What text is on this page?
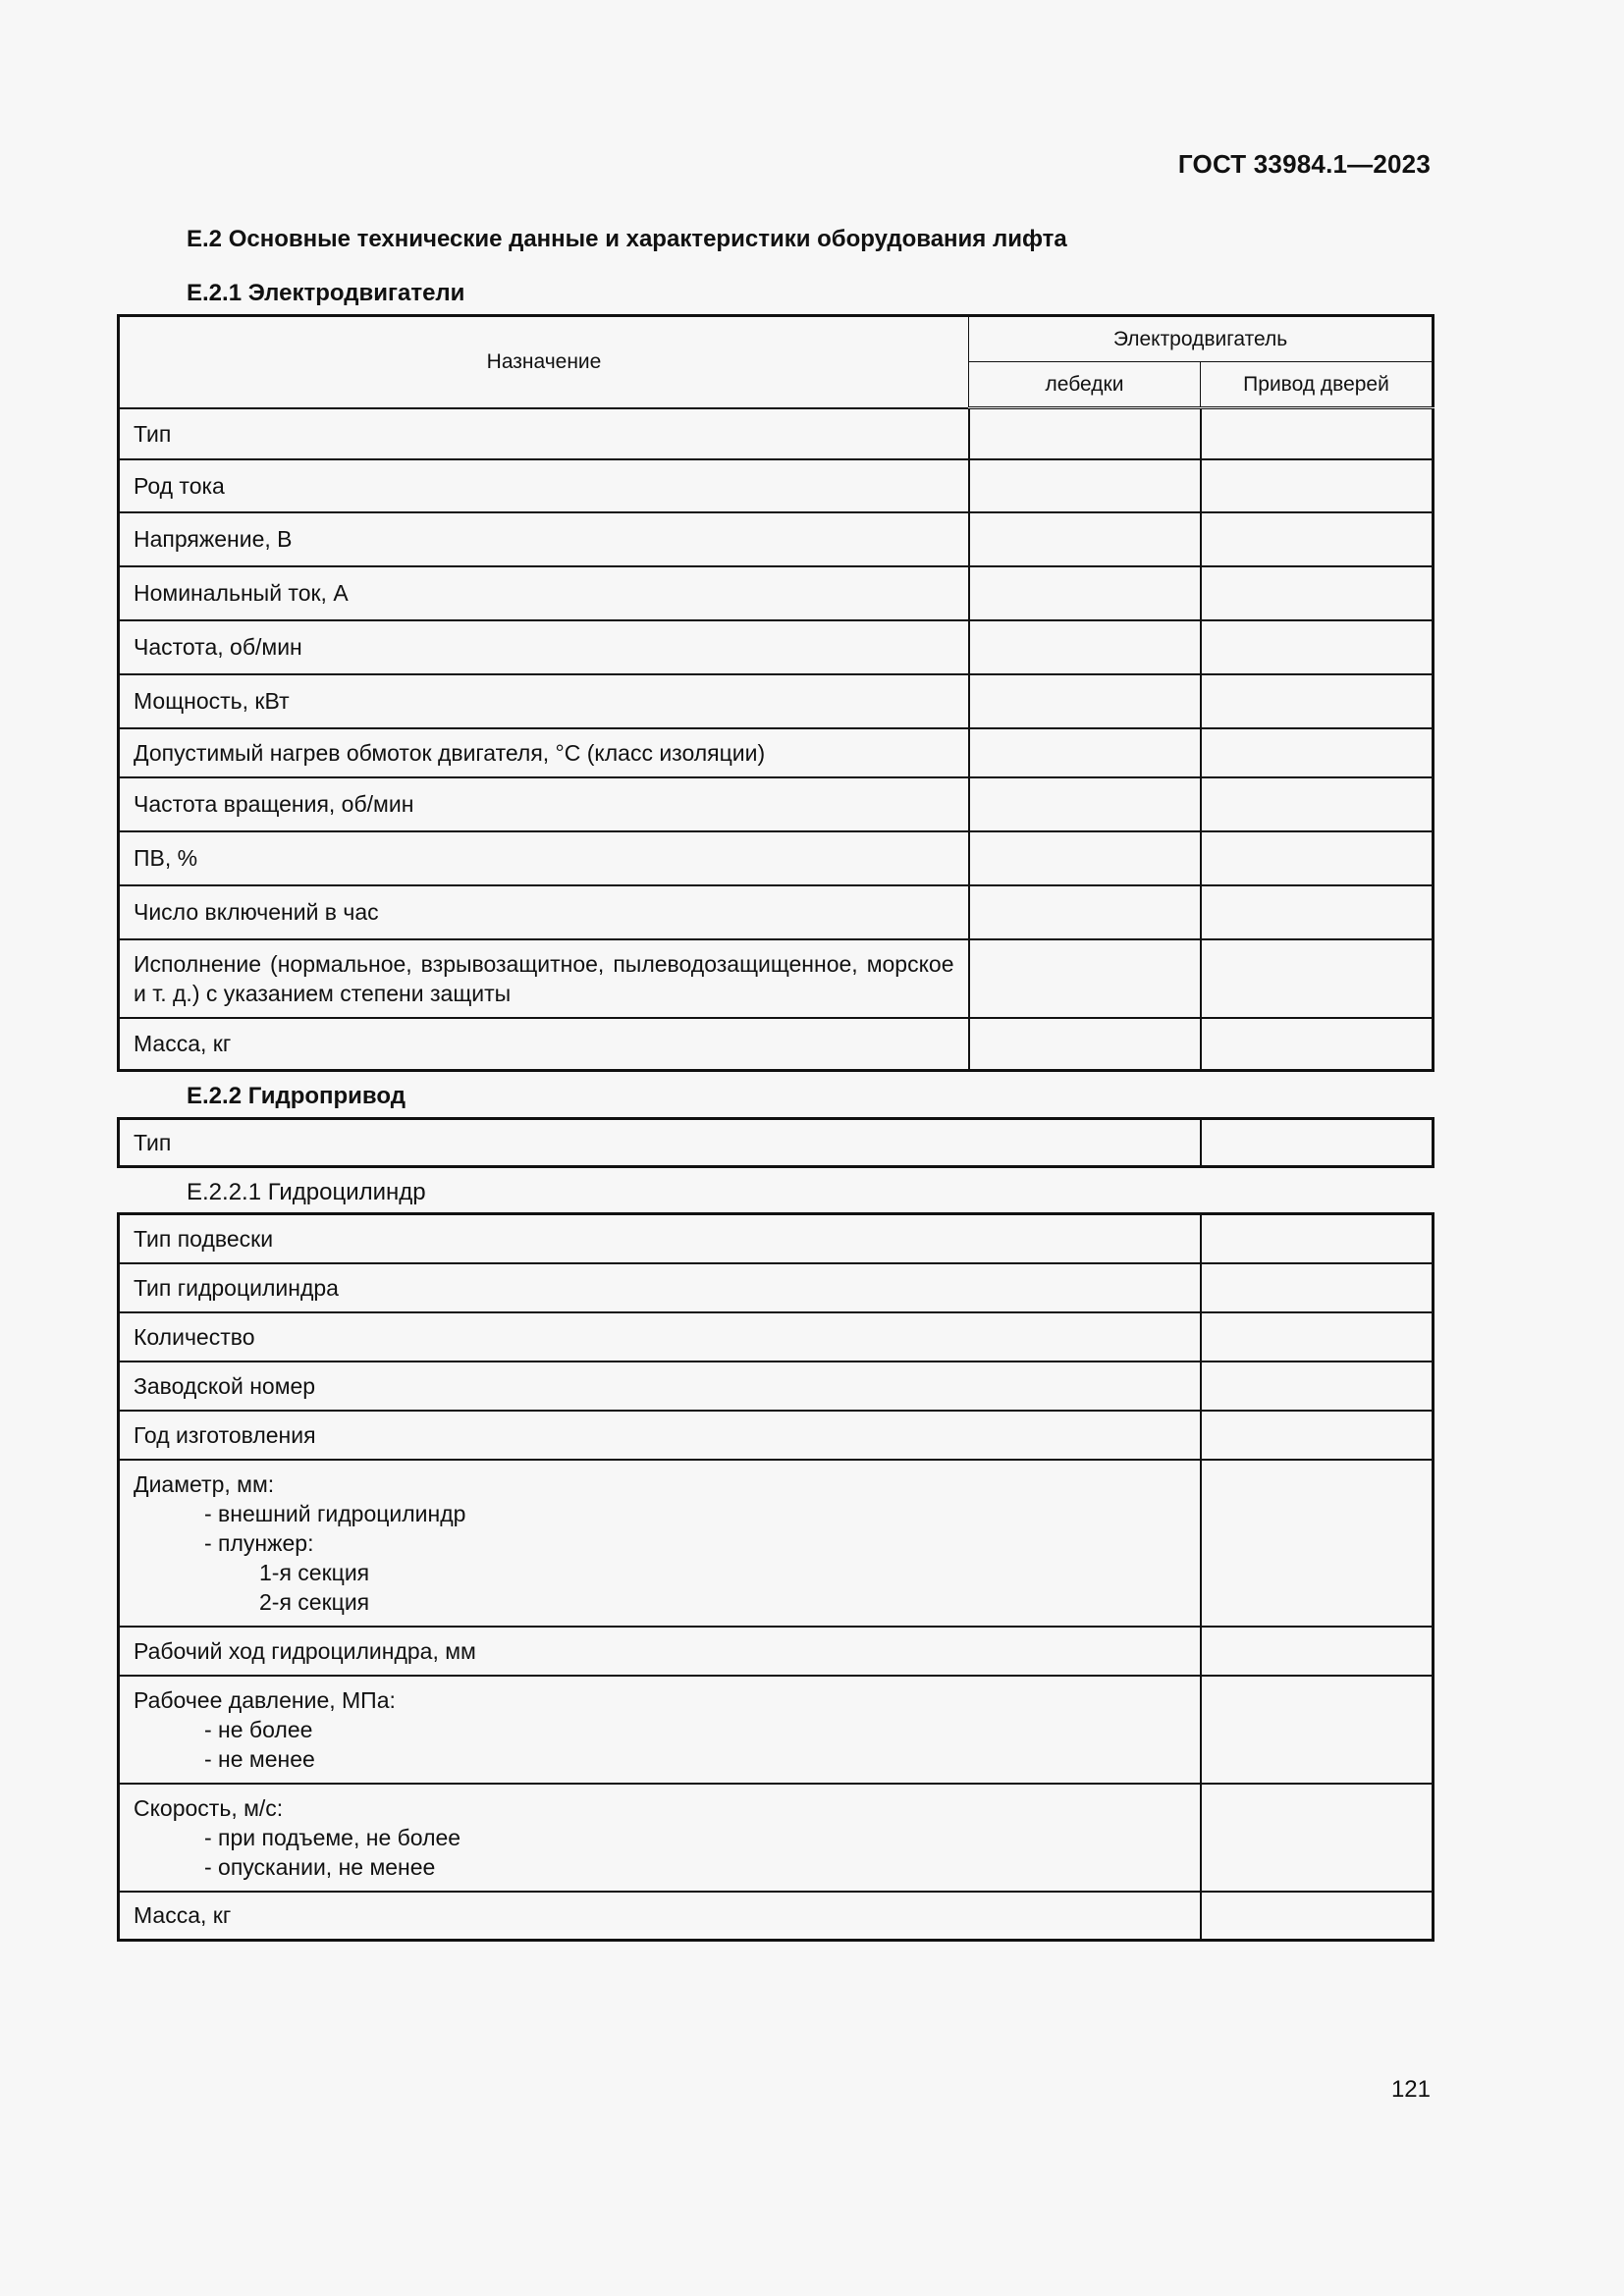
ГОСТ 33984.1—2023
Е.2 Основные технические данные и характеристики оборудования лифта
Е.2.1 Электродвигатели
Назначение	Электродвигатель	
	лебедки	Привод дверей
Тип		
Род тока		
Напряжение, В		
Номинальный ток, А		
Частота, об/мин		
Мощность, кВт		
Допустимый нагрев обмоток двигателя, °С (класс изоляции)		
Частота вращения, об/мин		
ПВ, %		
Число включений в час		
Исполнение (нормальное, взрывозащитное, пылеводозащищенное, морское и т. д.) с указанием степени защиты		
Масса, кг		
Е.2.2 Гидропривод
Тип	
Е.2.2.1 Гидроцилиндр
Тип подвески	
Тип гидроцилиндра	
Количество	
Заводской номер	
Год изготовления	

Диаметр, мм:
- внешний гидроцилиндр
- плунжер:
1-я секция
2-я секция	

Рабочий ход гидроцилиндра, мм	

Рабочее давление, МПа:
- не более
- не менее	

Скорость, м/с:
- при подъеме, не более
- опускании, не менее	

Масса, кг	
121
